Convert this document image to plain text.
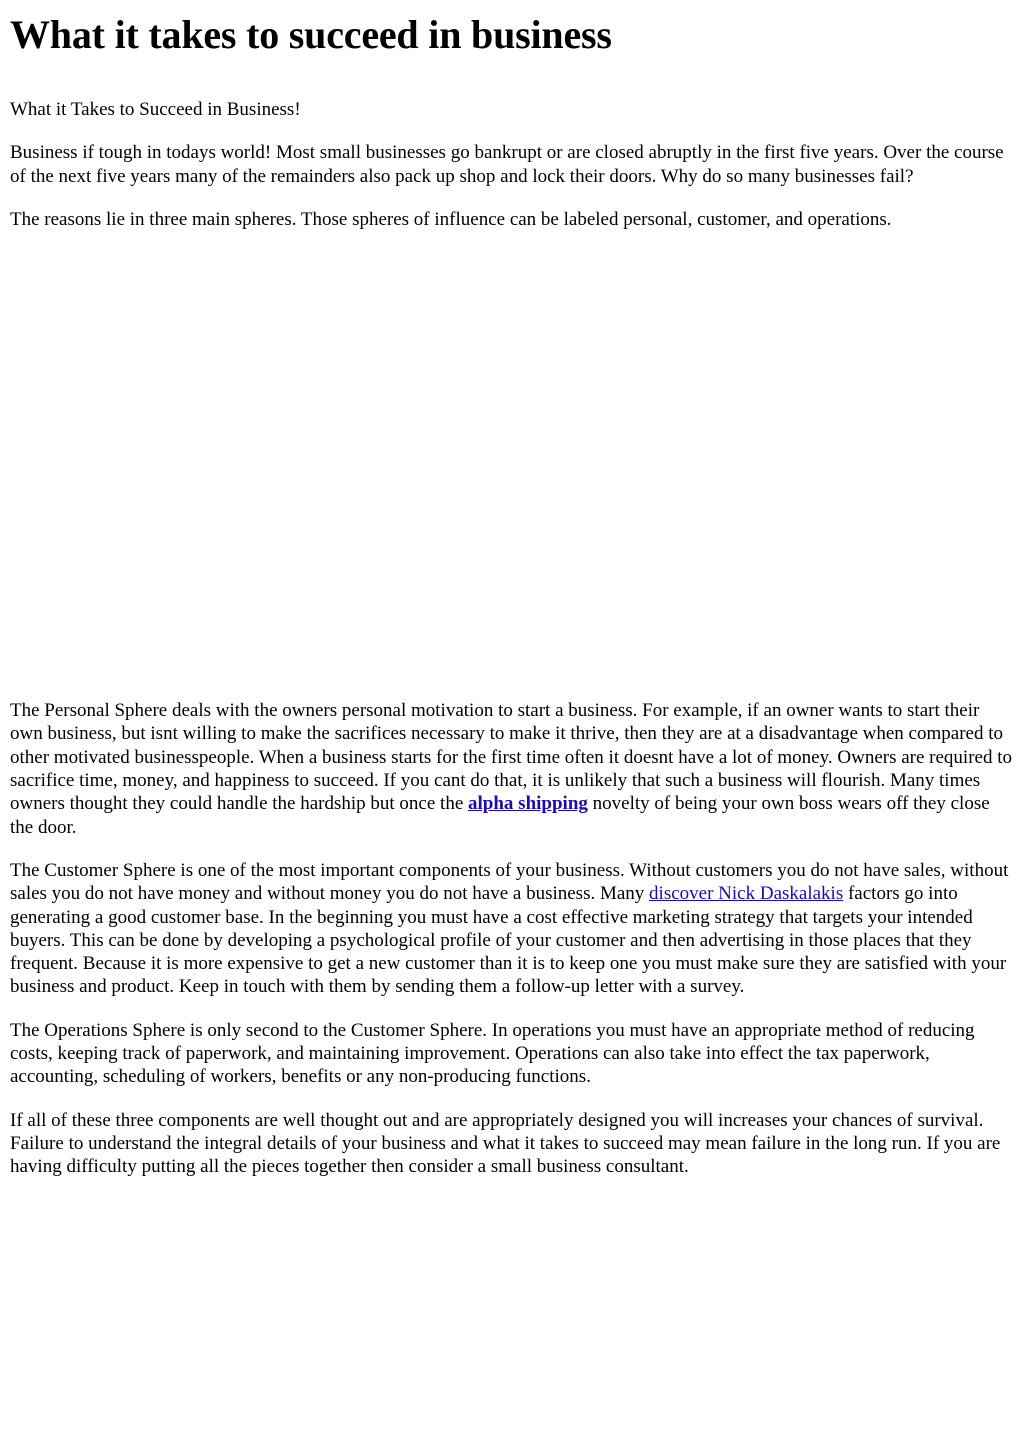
What it takes to succeed in business

What it Takes to Succeed in Business!

Business if tough in todays world! Most small businesses go bankrupt or are closed abruptly in the first five years. Over the course of the next five years many of the remainders also pack up shop and lock their doors. Why do so many businesses fail?

The reasons lie in three main spheres. Those spheres of influence can be labeled personal, customer, and operations.

The Personal Sphere deals with the owners personal motivation to start a business. For example, if an owner wants to start their own business, but isnt willing to make the sacrifices necessary to make it thrive, then they are at a disadvantage when compared to other motivated businesspeople. When a business starts for the first time often it doesnt have a lot of money. Owners are required to sacrifice time, money, and happiness to succeed. If you cant do that, it is unlikely that such a business will flourish. Many times owners thought they could handle the hardship but once the alpha shipping novelty of being your own boss wears off they close the door.

The Customer Sphere is one of the most important components of your business. Without customers you do not have sales, without sales you do not have money and without money you do not have a business. Many discover Nick Daskalakis factors go into generating a good customer base. In the beginning you must have a cost effective marketing strategy that targets your intended buyers. This can be done by developing a psychological profile of your customer and then advertising in those places that they frequent. Because it is more expensive to get a new customer than it is to keep one you must make sure they are satisfied with your business and product. Keep in touch with them by sending them a follow-up letter with a survey.

The Operations Sphere is only second to the Customer Sphere. In operations you must have an appropriate method of reducing costs, keeping track of paperwork, and maintaining improvement. Operations can also take into effect the tax paperwork, accounting, scheduling of workers, benefits or any non-producing functions.

If all of these three components are well thought out and are appropriately designed you will increases your chances of survival. Failure to understand the integral details of your business and what it takes to succeed may mean failure in the long run. If you are having difficulty putting all the pieces together then consider a small business consultant.
